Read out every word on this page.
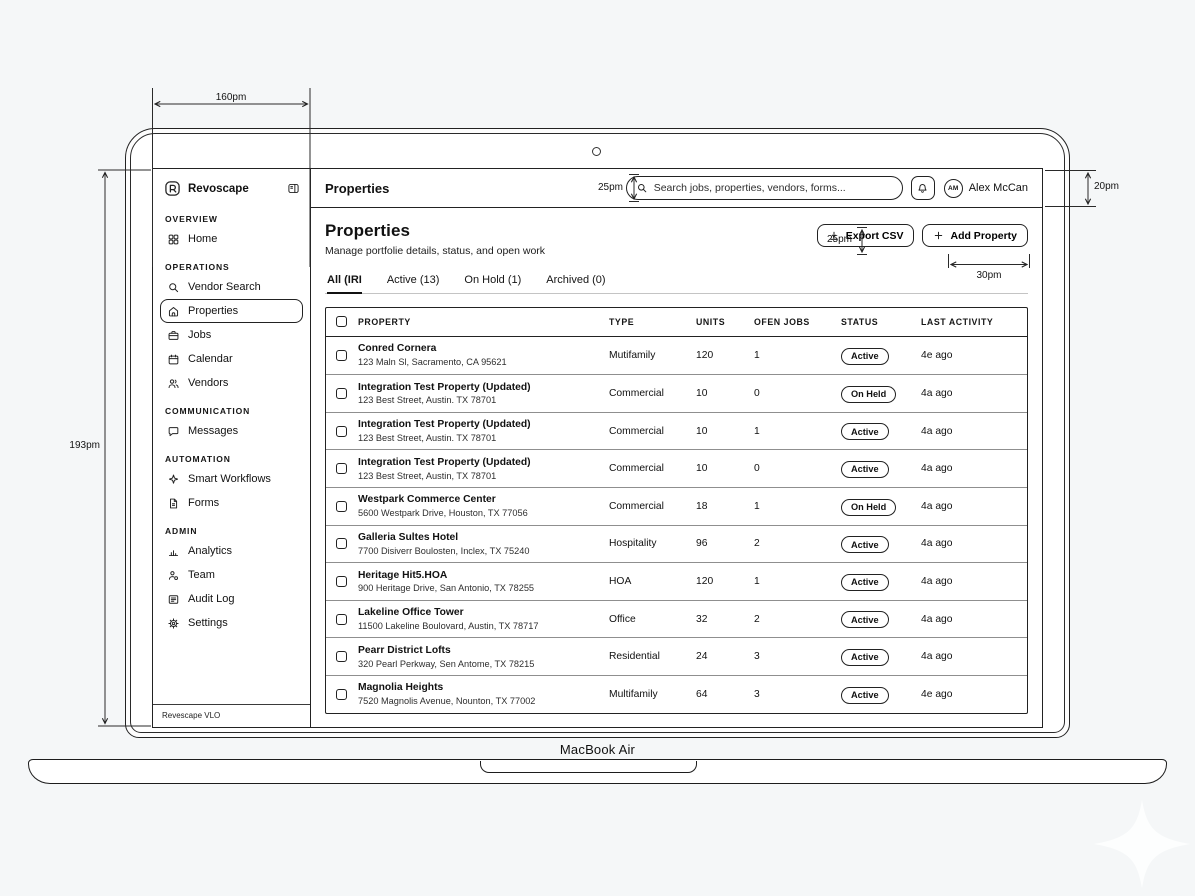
MacBook Air
Revoscape
OVERVIEW
Home
OPERATIONS
Vendor Search
Properties
Jobs
Calendar
Vendors
COMMUNICATION
Messages
AUTOMATION
Smart Workflows
Forms
ADMIN
Analytics
Team
Audit Log
Settings
Revescape VLO
Properties
Search jobs, properties, vendors, forms...	AM Alex McCan
Properties
Manage portfolie details, status, and open work
Export CSV	Add Property
All (IRI Active (13) On Hold (1) Archived (0)
PROPERTY	TYPE	UNITS	OFEN JOBS	STATUS	LAST ACTIVITY
Conred Cornera
123 Maln Sl, Sacramento, CA 95621
Mutifamily	120	1	Active	4e ago
Integration Test Property (Updated)
123 Best Street, Austin. TX 78701
Commercial	10	0	On Held	4a ago
Integration Test Property (Updated)
123 Best Street, Austin. TX 78701
Commercial	10	1	Active	4a ago
Integration Test Property (Updated)
123 Best Street, Austin, TX 78701
Commercial	10	0	Active	4a ago
Westpark Commerce Center
5600 Westpark Drive, Houston, TX 77056
Commercial	18	1	On Held	4a ago
Galleria Sultes Hotel
7700 Disiverr Boulosten, Inclex, TX 75240
Hospitality	96	2	Active	4a ago
Heritage Hit5.HOA
900 Heritage Drive, San Antonio, TX 78255
HOA	120	1	Active	4a ago
Lakeline Office Tower
11500 Lakeline Boulovard, Austin, TX 78717
Office	32	2	Active	4a ago
Pearr District Lofts
320 Pearl Perkway, Sen Antome, TX 78215
Residential	24	3	Active	4a ago
Magnolia Heights
7520 Magnolis Avenue, Nounton, TX 77002
Multifamily	64	3	Active	4e ago
160pm
193pm
20pm
25pm
25pm
30pm
